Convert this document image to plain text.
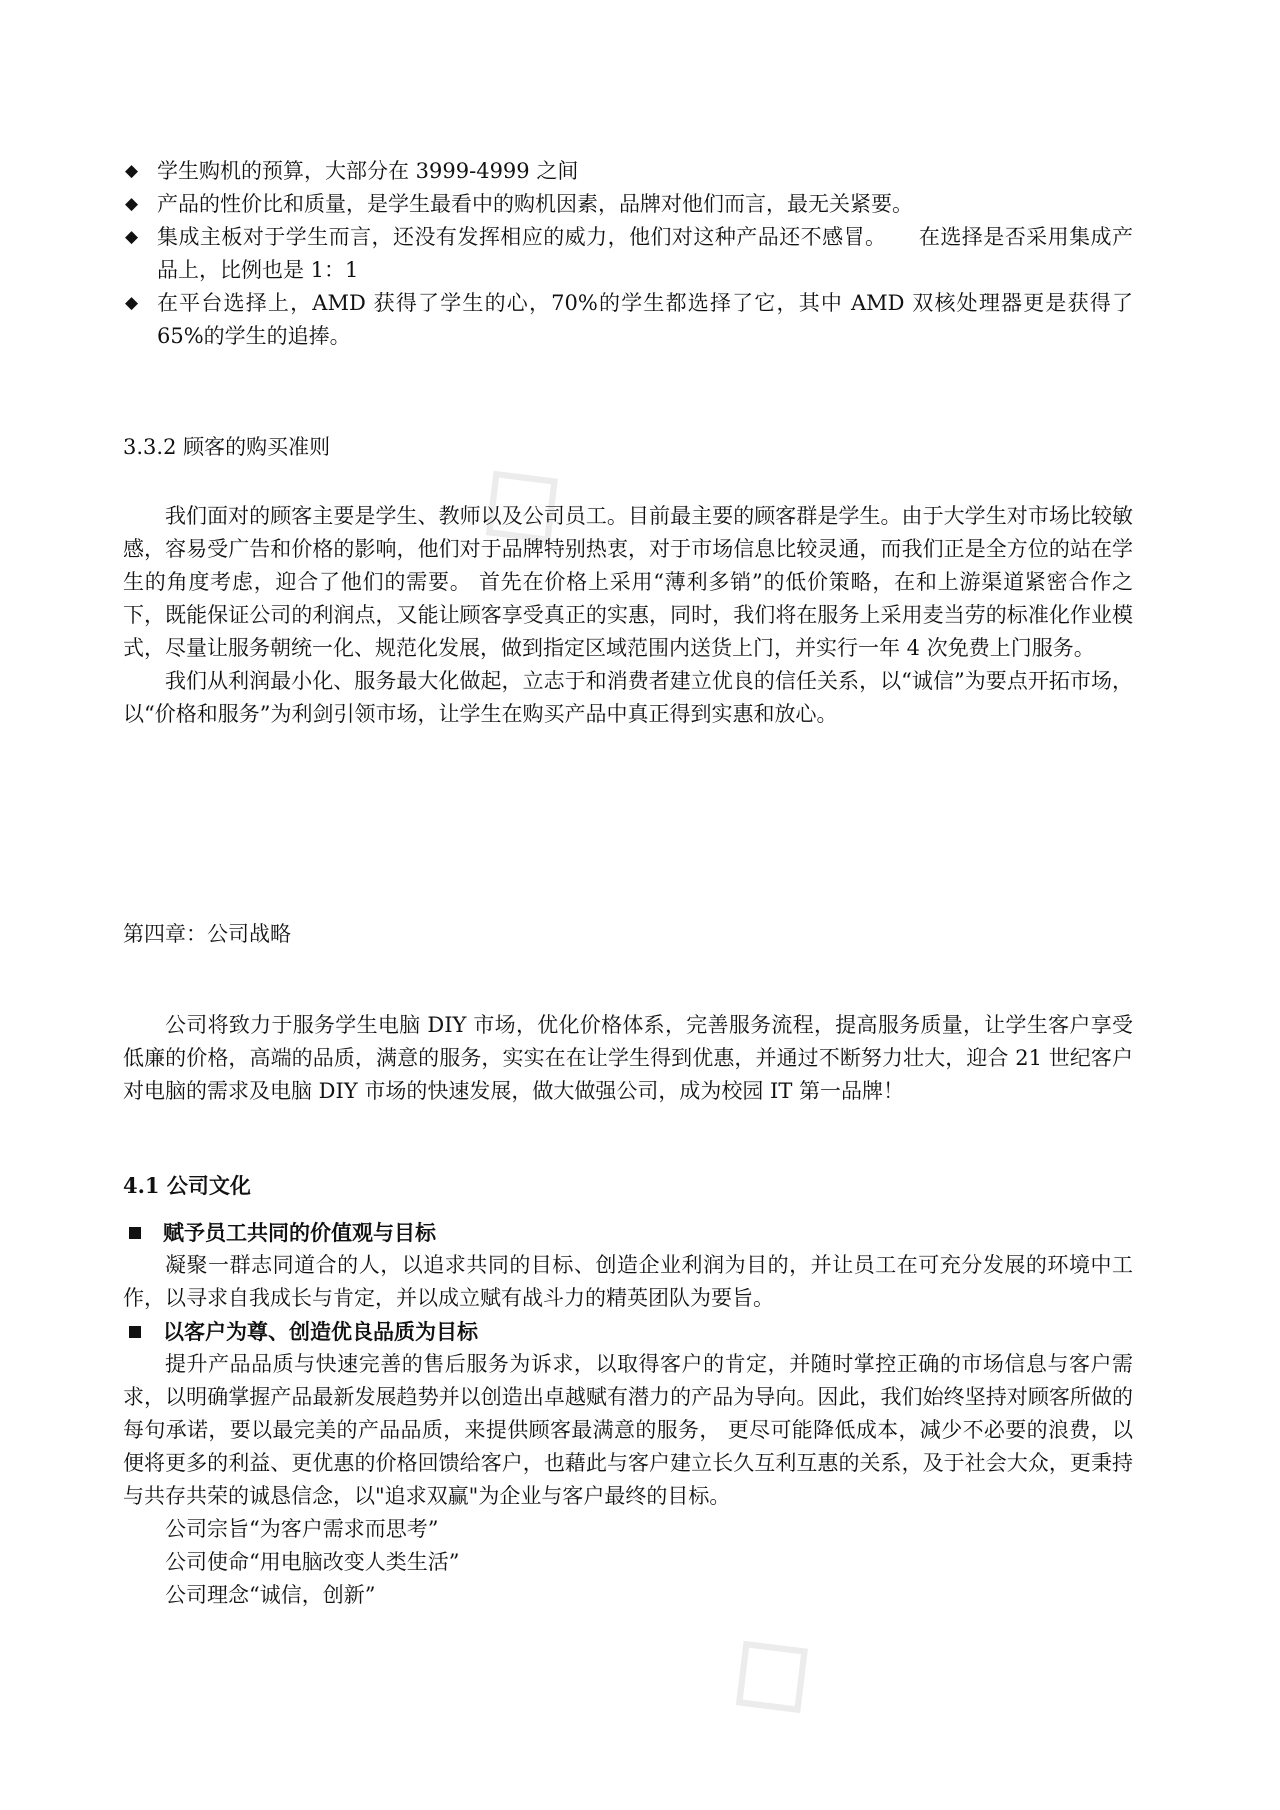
◇
◇
◆ 学生购机的预算，大部分在 3999-4999 之间
◆ 产品的性价比和质量，是学生最看中的购机因素，品牌对他们而言，最无关紧要。
◆ 集成主板对于学生而言，还没有发挥相应的威力，他们对这种产品还不感冒。　　在选择是否采用集成产品上，比例也是 1：1
◆ 在平台选择上，AMD 获得了学生的心，70%的学生都选择了它，其中 AMD 双核处理器更是获得了 65%的学生的追捧。
3.3.2 顾客的购买准则

我们面对的顾客主要是学生、教师以及公司员工。目前最主要的顾客群是学生。由于大学生对市场比较敏感，容易受广告和价格的影响，他们对于品牌特别热衷，对于市场信息比较灵通，而我们正是全方位的站在学生的角度考虑，迎合了他们的需要。 首先在价格上采用“薄利多销”的低价策略，在和上游渠道紧密合作之下，既能保证公司的利润点，又能让顾客享受真正的实惠，同时，我们将在服务上采用麦当劳的标准化作业模式，尽量让服务朝统一化、规范化发展，做到指定区域范围内送货上门，并实行一年 4 次免费上门服务。

我们从利润最小化、服务最大化做起，立志于和消费者建立优良的信任关系，以“诚信”为要点开拓市场，以“价格和服务”为利剑引领市场，让学生在购买产品中真正得到实惠和放心。

第四章：公司战略

公司将致力于服务学生电脑 DIY 市场，优化价格体系，完善服务流程，提高服务质量，让学生客户享受低廉的价格，高端的品质，满意的服务，实实在在让学生得到优惠，并通过不断努力壮大，迎合 21 世纪客户对电脑的需求及电脑 DIY 市场的快速发展，做大做强公司，成为校园 IT 第一品牌！

4.1 公司文化
赋予员工共同的价值观与目标

凝聚一群志同道合的人，以追求共同的目标、创造企业利润为目的，并让员工在可充分发展的环境中工作，以寻求自我成长与肯定，并以成立赋有战斗力的精英团队为要旨。

以客户为尊、创造优良品质为目标

提升产品品质与快速完善的售后服务为诉求，以取得客户的肯定，并随时掌控正确的市场信息与客户需求，以明确掌握产品最新发展趋势并以创造出卓越赋有潜力的产品为导向。因此，我们始终坚持对顾客所做的每句承诺，要以最完美的产品品质，来提供顾客最满意的服务， 更尽可能降低成本，减少不必要的浪费，以便将更多的利益、更优惠的价格回馈给客户，也藉此与客户建立长久互利互惠的关系，及于社会大众，更秉持与共存共荣的诚恳信念，以"追求双赢"为企业与客户最终的目标。

公司宗旨“为客户需求而思考”

公司使命“用电脑改变人类生活”

公司理念“诚信，创新”
